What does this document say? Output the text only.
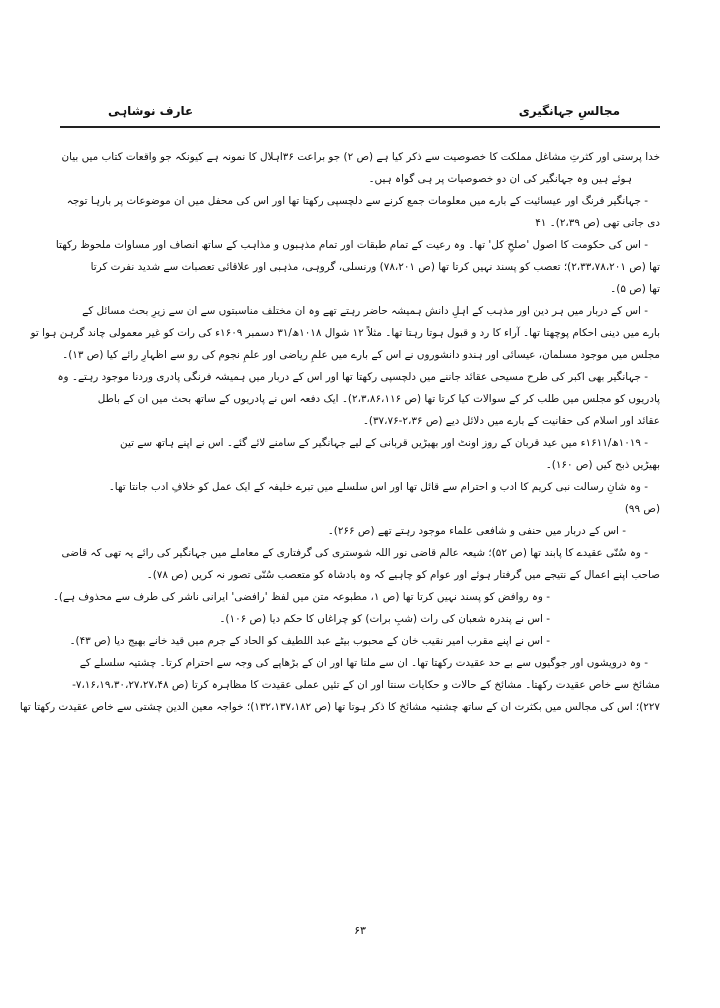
مجالسِ جہانگیری
عارف نوشاہی

خدا پرستی اور کثرتِ مشاغل مملکت کا خصوصیت سے ذکر کیا ہے (ص ۲) جو براعت ۳۶اہلال کا نمونہ ہے کیونکہ جو واقعات کتاب میں بیان

ہوئے ہیں وہ جہانگیر کی ان دو خصوصیات پر ہی گواہ ہیں۔

- جہانگیر فرنگ اور عیسائیت کے بارے میں معلومات جمع کرنے سے دلچسپی رکھتا تھا اور اس کی محفل میں ان موضوعات پر بارہا توجہ

دی جاتی تھی (ص ۲،۳۹)۔ ۴۱

- اس کی حکومت کا اصول 'صلحِ کل' تھا۔ وہ رعیت کے تمام طبقات اور تمام مذہبوں و مذاہب کے ساتھ انصاف اور مساوات ملحوظ رکھتا

تھا (ص ۲،۳۳،۷۸،۲۰۱)؛ تعصب کو پسند نہیں کرتا تھا (ص ۷۸،۲۰۱) ورنسلی، گروہی، مذہبی اور علاقائی تعصبات سے شدید نفرت کرتا

تھا (ص ۵)۔

- اس کے دربار میں ہر دین اور مذہب کے اہلِ دانش ہمیشہ حاضر رہتے تھے وہ ان مختلف مناسبتوں سے ان سے زیرِ بحث مسائل کے

بارے میں دینی احکام پوچھتا تھا۔ آراء کا رد و قبول ہوتا رہتا تھا۔ مثلاً ۱۲ شوال ۱۰۱۸ھ/۳۱ دسمبر ۱۶۰۹ء کی رات کو غیر معمولی چاند گرہن ہوا تو

مجلس میں موجود مسلمان، عیسائی اور ہندو دانشوروں نے اس کے بارے میں علمِ ریاضی اور علمِ نجوم کی رو سے اظہارِ رائے کیا (ص ۱۳)۔

- جہانگیر بھی اکبر کی طرح مسیحی عقائد جاننے میں دلچسپی رکھتا تھا اور اس کے دربار میں ہمیشہ فرنگی پادری وردنا موجود رہتے۔ وہ

پادریوں کو مجلس میں طلب کر کے سوالات کیا کرتا تھا (ص ۲،۳،۸۶،۱۱۶)۔ ایک دفعہ اس نے پادریوں کے ساتھ بحث میں ان کے باطل

عقائد اور اسلام کی حقانیت کے بارے میں دلائل دیے (ص ۲،۳۶-۳۷،۷۶)۔

- ۱۰۱۹ھ/۱۶۱۱ء میں عید قربان کے روز اونٹ اور بھیڑیں قربانی کے لیے جہانگیر کے سامنے لائے گئے۔ اس نے اپنے ہاتھ سے تین

بھیڑیں ذبح کیں (ص ۱۶۰)۔

- وہ شانِ رسالت نبی کریم کا ادب و احترام سے قائل تھا اور اس سلسلے میں تبرے خلیفہ کے ایک عمل کو خلافِ ادب جانتا تھا۔

(ص ۹۹)

- اس کے دربار میں حنفی و شافعی علماء موجود رہتے تھے (ص ۲۶۶)۔

- وہ سُنّی عقیدے کا پابند تھا (ص ۵۲)؛ شیعہ عالم قاضی نور اللہ شوستری کی گرفتاری کے معاملے میں جہانگیر کی رائے یہ تھی کہ قاضی

صاحب اپنے اعمال کے نتیجے میں گرفتار ہوئے اور عوام کو چاہیے کہ وہ بادشاہ کو متعصب سُنّی تصور نہ کریں (ص ۷۸)۔

- وہ روافض کو پسند نہیں کرتا تھا (ص ۱، مطبوعہ متن میں لفظ 'رافضی' ایرانی ناشر کی طرف سے محذوف ہے)۔

- اس نے پندرہ شعبان کی رات (شبِ برات) کو چراغاں کا حکم دیا (ص ۱۰۶)۔

- اس نے اپنے مقرب امیر نقیب خان کے محبوب بیٹے عبد اللطیف کو الحاد کے جرم میں قید خانے بھیج دیا (ص ۴۳)۔

- وہ درویشوں اور جوگیوں سے بے حد عقیدت رکھتا تھا۔ ان سے ملتا تھا اور ان کے بڑھاپے کی وجہ سے احترام کرتا۔ چشتیہ سلسلے کے

مشائخ سے خاص عقیدت رکھتا۔ مشائخ کے حالات و حکایات سنتا اور ان کے تئیں عملی عقیدت کا مظاہرہ کرتا (ص ۷،۱۶،۱۹،۳۰،۲۷،۲۷،۴۸-

۲۲۷)؛ اس کی مجالس میں بکثرت ان کے ساتھ چشتیہ مشائخ کا ذکر ہوتا تھا (ص ۱۳۲،۱۳۷،۱۸۲)؛ خواجہ معین الدین چشتی سے خاص عقیدت رکھتا تھا

۶۳
